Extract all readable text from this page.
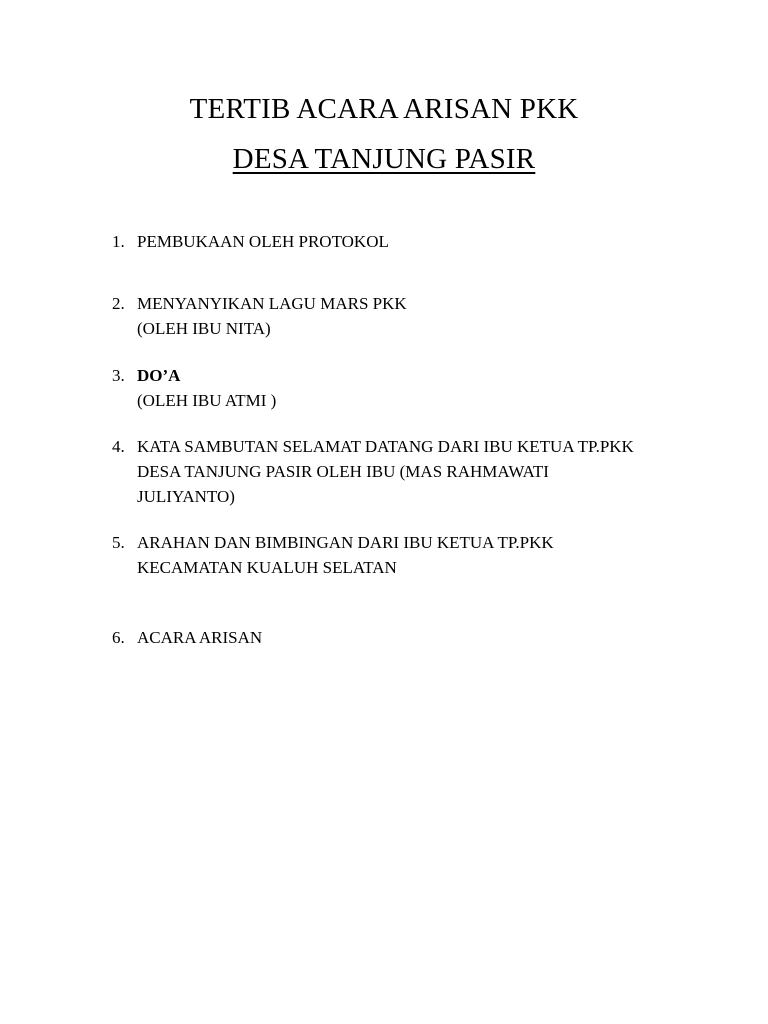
TERTIB ACARA ARISAN PKK
DESA TANJUNG PASIR
1. PEMBUKAAN OLEH PROTOKOL
2. MENYANYIKAN LAGU MARS PKK
(OLEH IBU NITA)
3. DO’A
(OLEH IBU ATMI )
4. KATA SAMBUTAN SELAMAT DATANG DARI IBU KETUA TP.PKK
DESA TANJUNG PASIR OLEH IBU (MAS RAHMAWATI
JULIYANTO)
5. ARAHAN DAN BIMBINGAN DARI IBU KETUA TP.PKK
KECAMATAN KUALUH SELATAN
6. ACARA ARISAN
